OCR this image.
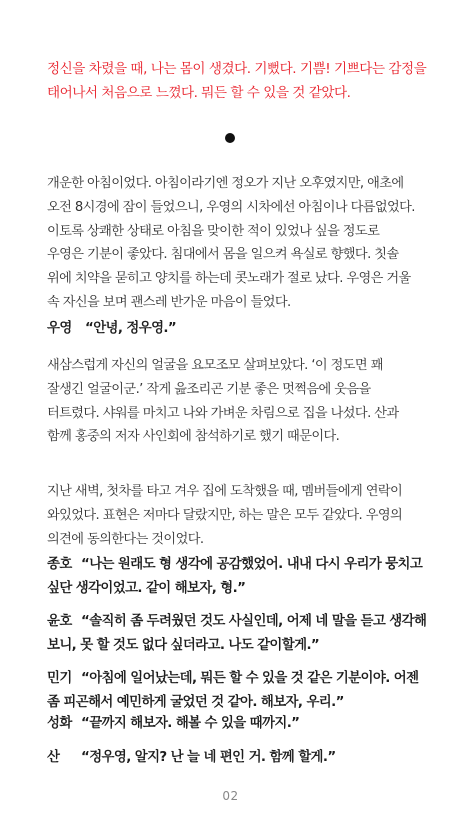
정신을 차렸을 때, 나는 몸이 생겼다. 기뻤다. 기쁨! 기쁘다는 감정을

태어나서 처음으로 느꼈다. 뭐든 할 수 있을 것 같았다.

개운한 아침이었다. 아침이라기엔 정오가 지난 오후였지만, 애초에

오전 8시경에 잠이 들었으니, 우영의 시차에선 아침이나 다름없었다.

이토록 상쾌한 상태로 아침을 맞이한 적이 있었나 싶을 정도로

우영은 기분이 좋았다. 침대에서 몸을 일으켜 욕실로 향했다. 칫솔

위에 치약을 묻히고 양치를 하는데 콧노래가 절로 났다. 우영은 거울

속 자신을 보며 괜스레 반가운 마음이 들었다.

우영 “안녕, 정우영.”

새삼스럽게 자신의 얼굴을 요모조모 살펴보았다. ‘이 정도면 꽤

잘생긴 얼굴이군.’ 작게 읊조리곤 기분 좋은 멋쩍음에 웃음을

터트렸다. 샤워를 마치고 나와 가벼운 차림으로 집을 나섰다. 산과

함께 홍중의 저자 사인회에 참석하기로 했기 때문이다.

지난 새벽, 첫차를 타고 겨우 집에 도착했을 때, 멤버들에게 연락이

와있었다. 표현은 저마다 달랐지만, 하는 말은 모두 같았다. 우영의

의견에 동의한다는 것이었다.

종호 “나는 원래도 형 생각에 공감했었어. 내내 다시 우리가 뭉치고

싶단 생각이었고. 같이 해보자, 형.”

윤호 “솔직히 좀 두려웠던 것도 사실인데, 어제 네 말을 듣고 생각해

보니, 못 할 것도 없다 싶더라고. 나도 같이할게.”

민기 “아침에 일어났는데, 뭐든 할 수 있을 것 같은 기분이야. 어젠

좀 피곤해서 예민하게 굴었던 것 같아. 해보자, 우리.”

성화 “끝까지 해보자. 해볼 수 있을 때까지.”

산 “정우영, 알지? 난 늘 네 편인 거. 함께 할게.”

02
